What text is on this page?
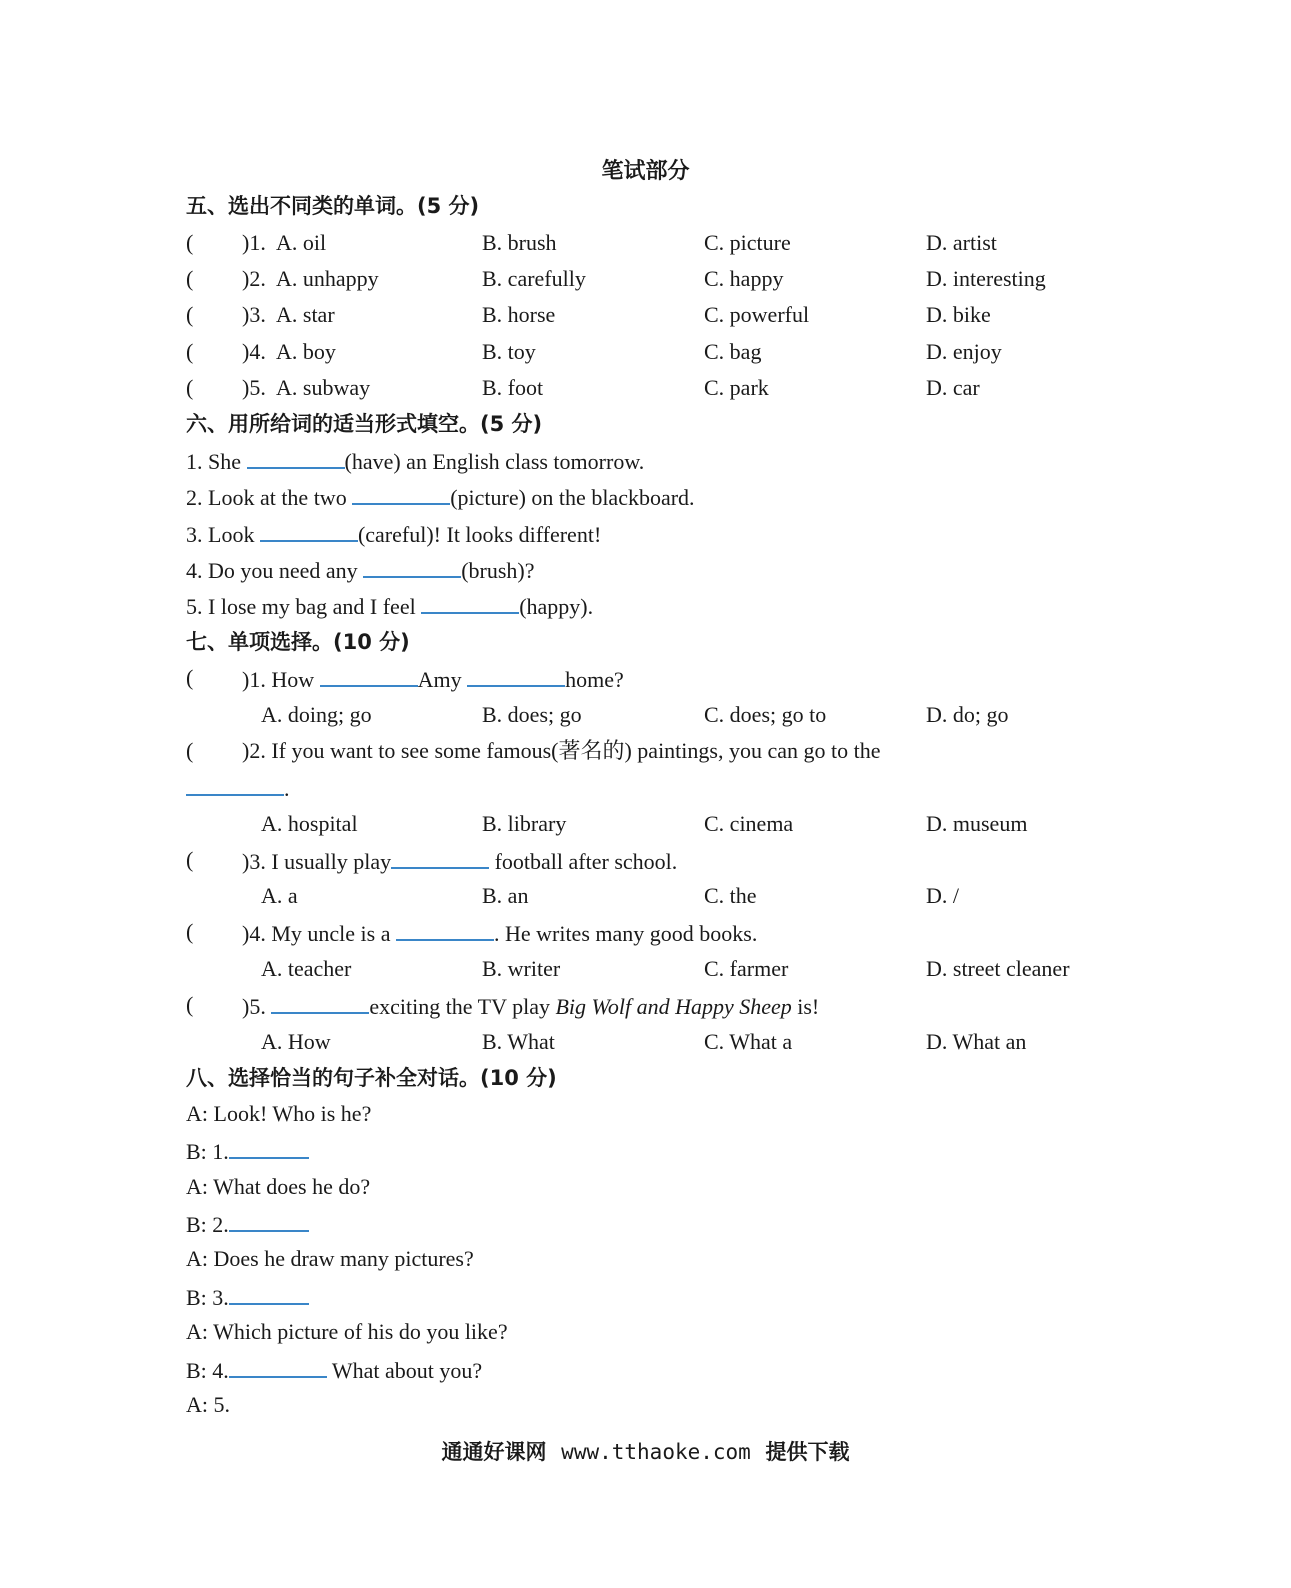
笔试部分
五、选出不同类的单词。(5 分)
( )1. A. oil	B. brush	C. picture	D. artist
( )2. A. unhappy	B. carefully	C. happy	D. interesting
( )3. A. star	B. horse	C. powerful	D. bike
( )4. A. boy	B. toy	C. bag	D. enjoy
( )5. A. subway	B. foot	C. park	D. car
六、用所给词的适当形式填空。(5 分)
1. She	(have) an English class tomorrow.
2. Look at the two	(picture) on the blackboard.
3. Look	(careful)! It looks different!
4. Do you need any	(brush)?
5. I lose my bag and I feel	(happy).
七、单项选择。(10 分)
( )1. How	Amy	home?
A. doing; go	B. does; go	C. does; go to	D. do; go
( )2. If you want to see some famous(著名的) paintings, you can go to the
.
A. hospital	B. library	C. cinema	D. museum
( )3. I usually play	football after school.
A. a	B. an	C. the	D. /
( )4. My uncle is a	. He writes many good books.
A. teacher	B. writer	C. farmer	D. street cleaner
( )5.	exciting the TV play Big Wolf and Happy Sheep is!
A. How	B. What	C. What a	D. What an
八、选择恰当的句子补全对话。(10 分)
A: Look! Who is he?
B: 1.
A: What does he do?
B: 2.
A: Does he draw many pictures?
B: 3.
A: Which picture of his do you like?
B: 4.	What about you?
A: 5.
通通好课网 www.tthaoke.com 提供下载
